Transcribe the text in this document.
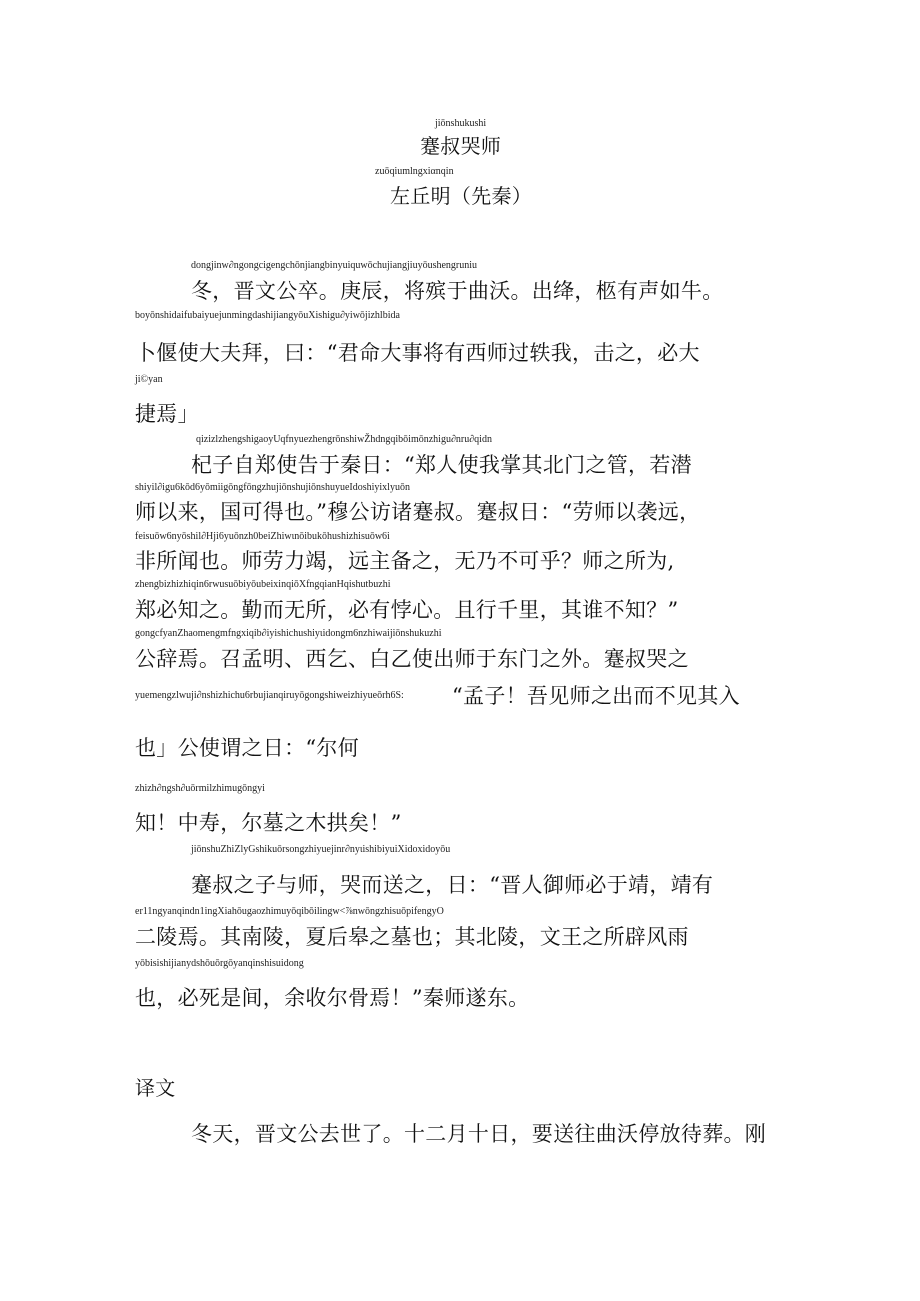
jiōnshukushi
蹇叔哭师
zuōqiumlngxiαnqin
左丘明（先秦）
dongjinw∂ngongcigengchōnjiangbinyuiquwōchujiangjiuyōushengruniu
冬，晋文公卒。庚辰，将殡于曲沃。出绛，柩有声如牛。
boyōnshidaifubaiyuejunmingdashijiangyōuXishigu∂yiwōjizhlbida
卜偃使大夫拜，曰：“君命大事将有西师过轶我，击之，必大
ji©yan
捷焉」
qizizlzhengshigaoyUqfnyuezhengrōnshiwŽhdngqibōimōnzhigu∂nru∂qidn
杞子自郑使告于秦日：“郑人使我掌其北门之管，若潜
shiyil∂igu6kōd6yōmiigōngfōngzhujiōnshujiōnshuyueIdoshiyixlyuōn
师以来，国可得也。”穆公访诸蹇叔。蹇叔日：“劳师以袭远，
feisuōw6nyōshil∂Hji6yuōnzh0beiZhiwιnōibukōhushizhisuōw6i
非所闻也。师劳力竭，远主备之，无乃不可乎？师之所为,
zhengbizhizhiqin6rwusuōbiyōubeixinqiōXfngqianHqishutbuzhi
郑必知之。勤而无所，必有悖心。且行千里，其谁不知？”
gongcfyanZhaomengmfngxiqib∂iyishichushiyιidongm6nzhiwaijiōnshukuzhi
公辞焉。召孟明、西乞、白乙使出师于东门之外。蹇叔哭之
yuemengzlwuji∂nshizhichu6rbujianqiruyōgongshiweizhiyueōrh6S: “孟子！吾见师之出而不见其入
也」公使谓之日：“尔何
zhizh∂ngsh∂uōrmilzhimugōngyi
知！中寿，尔墓之木拱矣！”
jiōnshuZhiZlyGshikuōrsongzhiyuejinr∂nyιishibiyuiXidoxidoyōu
蹇叔之子与师，哭而送之，日：“晋人御师必于靖，靖有
er11ngyanqindn1ingXiahōugaozhimuyōqibōilingw<⅞nwōngzhisuōpifengyO
二陵焉。其南陵，夏后皋之墓也；其北陵，文王之所辟风雨
yōbisishijianydshōuōrgōyanqinshisuidong
也，必死是间，余收尔骨焉！”秦师遂东。
译文
冬天，晋文公去世了。十二月十日，要送往曲沃停放待葬。刚
